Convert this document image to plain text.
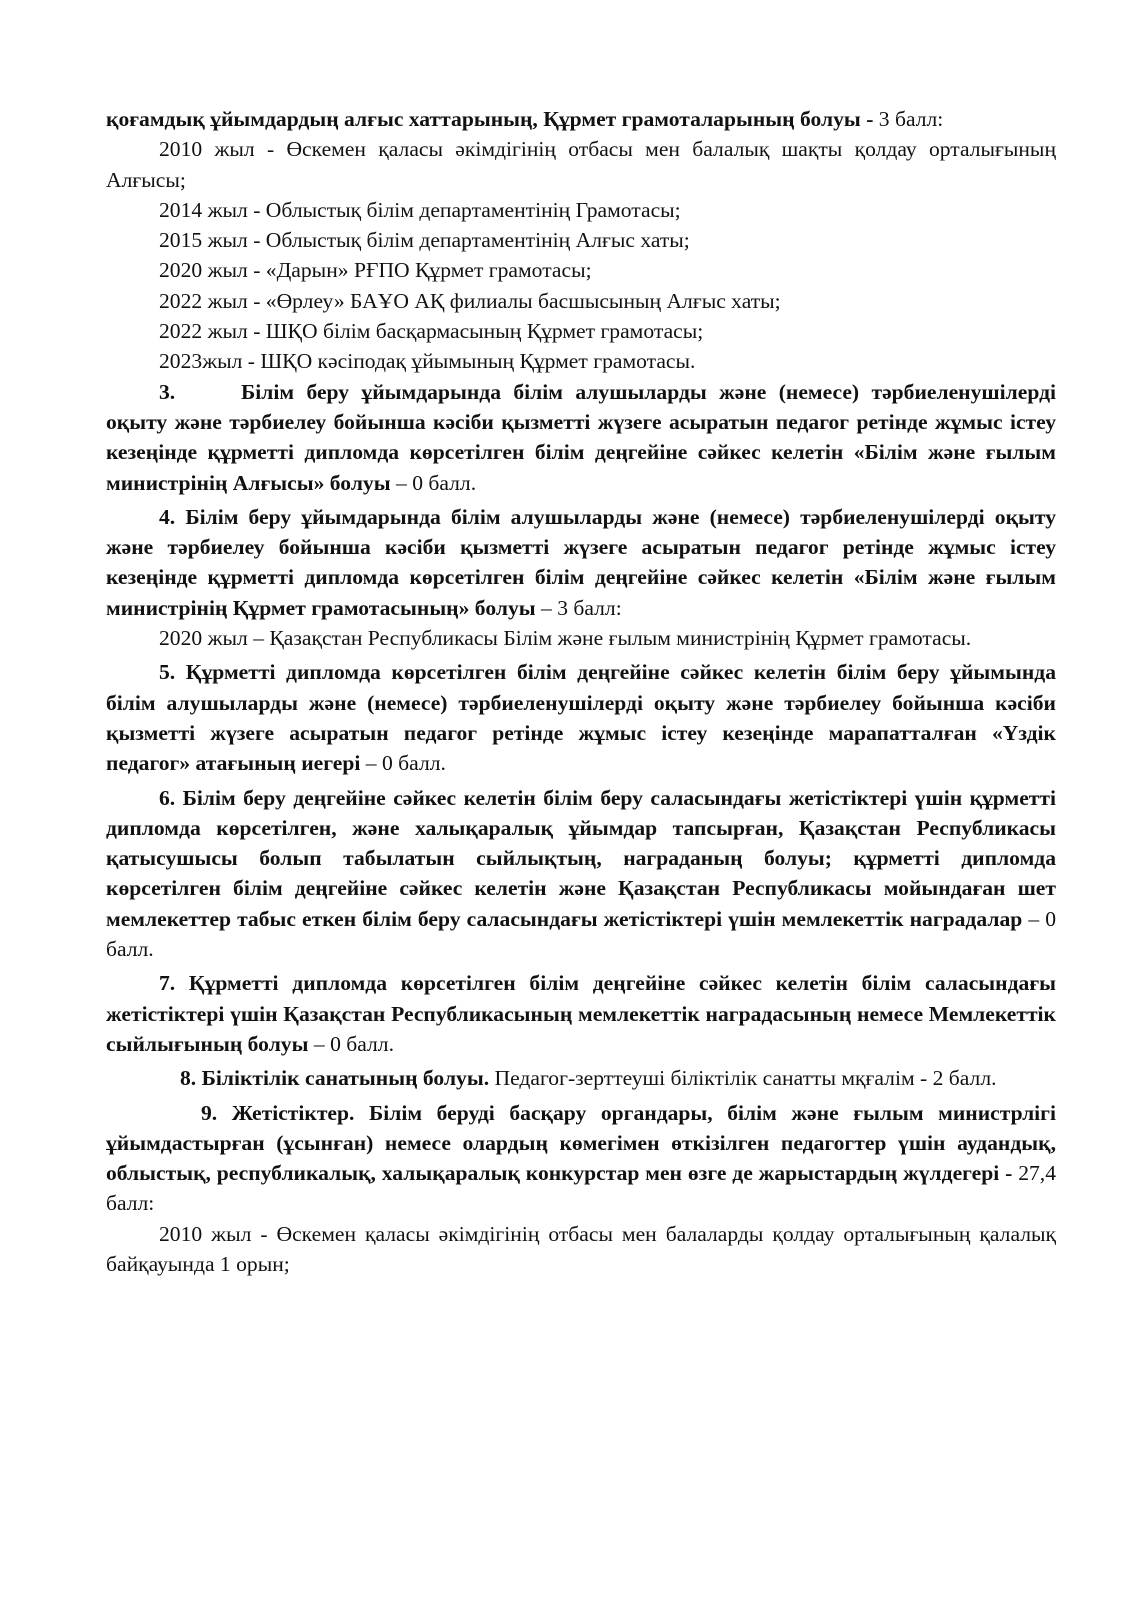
қоғамдық ұйымдардың алғыс хаттарының, Құрмет грамоталарының болуы - 3 балл:

2010 жыл - Өскемен қаласы әкімдігінің отбасы мен балалық шақты қолдау орталығының Алғысы;

2014 жыл - Облыстық білім департаментінің Грамотасы;

2015 жыл - Облыстық білім департаментінің Алғыс хаты;

2020 жыл - «Дарын» РҒПО Құрмет грамотасы;

2022 жыл - «Өрлеу» БАҰО АҚ филиалы басшысының Алғыс хаты;

2022 жыл - ШҚО білім басқармасының Құрмет грамотасы;

2023жыл - ШҚО кәсіподақ ұйымының Құрмет грамотасы.

3.	Білім беру ұйымдарында білім алушыларды және (немесе) тәрбиеленушілерді оқыту және тәрбиелеу бойынша кәсіби қызметті жүзеге асыратын педагог ретінде жұмыс істеу кезеңінде құрметті дипломда көрсетілген білім деңгейіне сәйкес келетін «Білім және ғылым министрінің Алғысы» болуы – 0 балл.

4. Білім беру ұйымдарында білім алушыларды және (немесе) тәрбиеленушілерді оқыту және тәрбиелеу бойынша кәсіби қызметті жүзеге асыратын педагог ретінде жұмыс істеу кезеңінде құрметті дипломда көрсетілген білім деңгейіне сәйкес келетін «Білім және ғылым министрінің Құрмет грамотасының» болуы – 3 балл:

2020 жыл – Қазақстан Республикасы Білім және ғылым министрінің Құрмет грамотасы.

5. Құрметті дипломда көрсетілген білім деңгейіне сәйкес келетін білім беру ұйымында білім алушыларды және (немесе) тәрбиеленушілерді оқыту және тәрбиелеу бойынша кәсіби қызметті жүзеге асыратын педагог ретінде жұмыс істеу кезеңінде марапатталған «Үздік педагог» атағының иегері – 0 балл.

6. Білім беру деңгейіне сәйкес келетін білім беру саласындағы жетістіктері үшін құрметті дипломда көрсетілген, және халықаралық ұйымдар тапсырған, Қазақстан Республикасы қатысушысы болып табылатын сыйлықтың, награданың болуы; құрметті дипломда көрсетілген білім деңгейіне сәйкес келетін және Қазақстан Республикасы мойындаған шет мемлекеттер табыс еткен білім беру саласындағы жетістіктері үшін мемлекеттік наградалар – 0 балл.

7. Құрметті дипломда көрсетілген білім деңгейіне сәйкес келетін білім саласындағы жетістіктері үшін Қазақстан Республикасының мемлекеттік наградасының немесе Мемлекеттік сыйлығының болуы – 0 балл.

8. Біліктілік санатының болуы. Педагог-зерттеуші біліктілік санатты мқғалім - 2 балл.

9. Жетістіктер. Білім беруді басқару органдары, білім және ғылым министрлігі ұйымдастырған (ұсынған) немесе олардың көмегімен өткізілген педагогтер үшін аудандық, облыстық, республикалық, халықаралық конкурстар мен өзге де жарыстардың жүлдегері - 27,4 балл:

2010 жыл - Өскемен қаласы әкімдігінің отбасы мен балаларды қолдау орталығының қалалық байқауында 1 орын;
